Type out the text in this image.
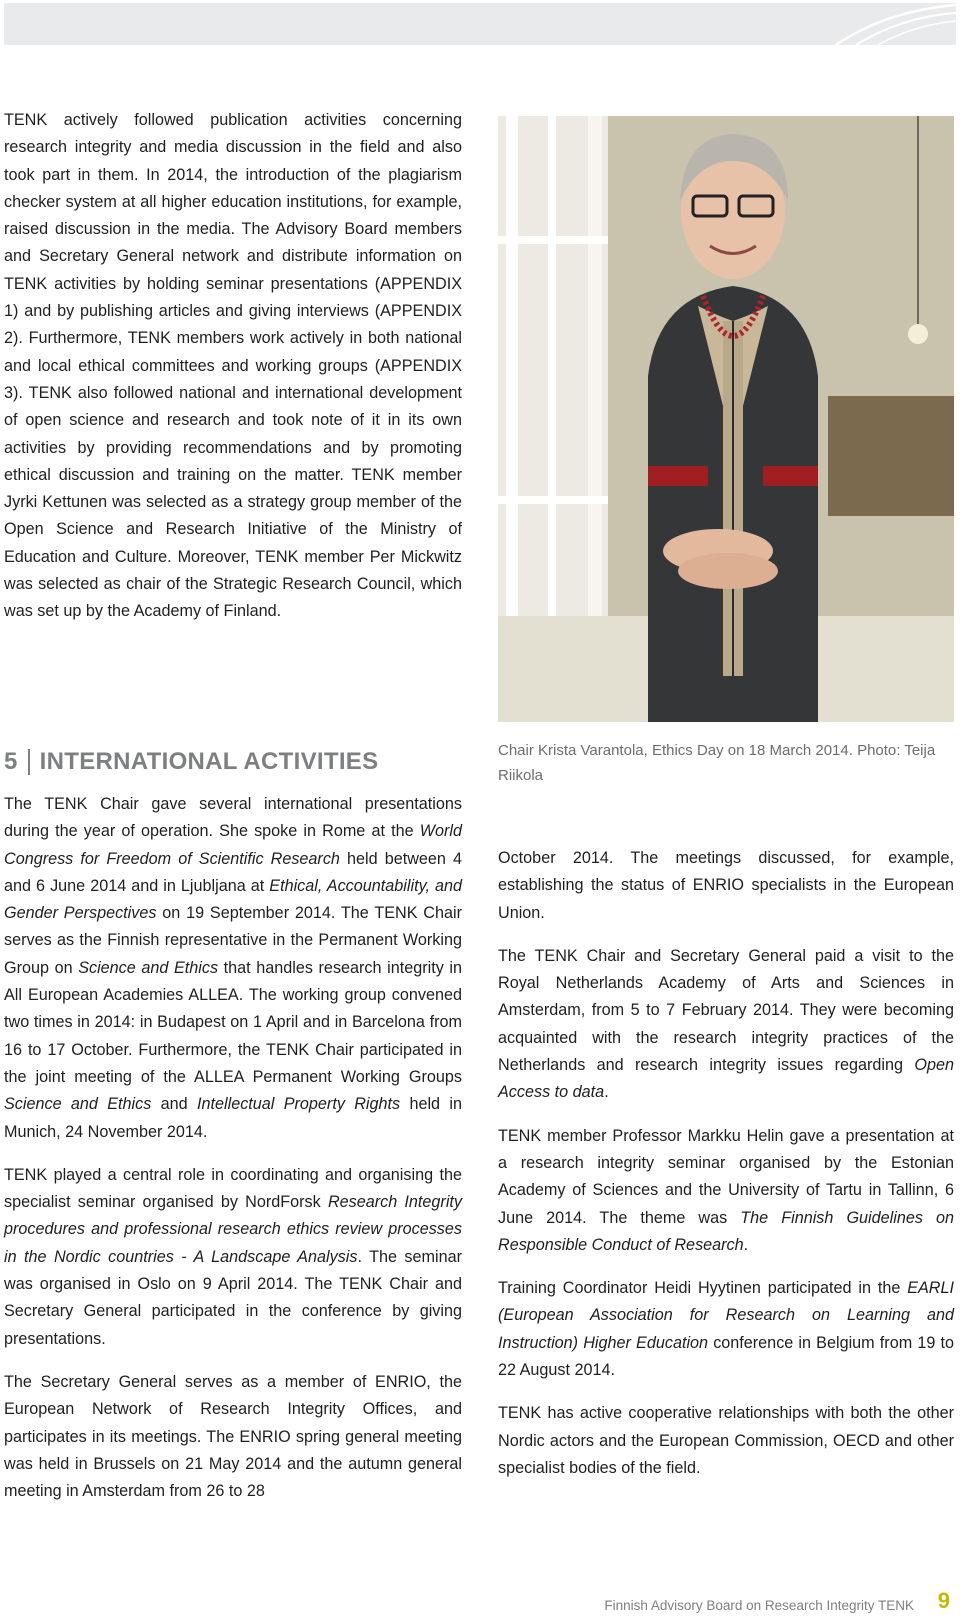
TENK actively followed publication activities concerning research integrity and media discussion in the field and also took part in them. In 2014, the introduction of the plagiarism checker system at all higher education institutions, for example, raised discussion in the media. The Advisory Board members and Secretary General network and distribute information on TENK activities by holding seminar presentations (APPENDIX 1) and by publishing articles and giving interviews (APPENDIX 2). Furthermore, TENK members work actively in both national and local ethical committees and working groups (APPENDIX 3). TENK also followed national and international development of open science and research and took note of it in its own activities by providing recommendations and by promoting ethical discussion and training on the matter. TENK member Jyrki Kettunen was selected as a strategy group member of the Open Science and Research Initiative of the Ministry of Education and Culture. Moreover, TENK member Per Mickwitz was selected as chair of the Strategic Research Council, which was set up by the Academy of Finland.

5 INTERNATIONAL ACTIVITIES

The TENK Chair gave several international presentations during the year of operation. She spoke in Rome at the World Congress for Freedom of Scientific Research held between 4 and 6 June 2014 and in Ljubljana at Ethical, Accountability, and Gender Perspectives on 19 September 2014. The TENK Chair serves as the Finnish representative in the Permanent Working Group on Science and Ethics that handles research integrity in All European Academies ALLEA. The working group convened two times in 2014: in Budapest on 1 April and in Barcelona from 16 to 17 October. Furthermore, the TENK Chair participated in the joint meeting of the ALLEA Permanent Working Groups Science and Ethics and Intellectual Property Rights held in Munich, 24 November 2014.

TENK played a central role in coordinating and organising the specialist seminar organised by NordForsk Research Integrity procedures and professional research ethics review processes in the Nordic countries - A Landscape Analysis. The seminar was organised in Oslo on 9 April 2014. The TENK Chair and Secretary General participated in the conference by giving presentations.

The Secretary General serves as a member of ENRIO, the European Network of Research Integrity Offices, and participates in its meetings. The ENRIO spring general meeting was held in Brussels on 21 May 2014 and the autumn general meeting in Amsterdam from 26 to 28

Chair Krista Varantola, Ethics Day on 18 March 2014. Photo: Teija Riikola

October 2014. The meetings discussed, for example, establishing the status of ENRIO specialists in the European Union.

The TENK Chair and Secretary General paid a visit to the Royal Netherlands Academy of Arts and Sciences in Amsterdam, from 5 to 7 February 2014. They were becoming acquainted with the research integrity practices of the Netherlands and research integrity issues regarding Open Access to data.

TENK member Professor Markku Helin gave a presentation at a research integrity seminar organised by the Estonian Academy of Sciences and the University of Tartu in Tallinn, 6 June 2014. The theme was The Finnish Guidelines on Responsible Conduct of Research.

Training Coordinator Heidi Hyytinen participated in the EARLI (European Association for Research on Learning and Instruction) Higher Education conference in Belgium from 19 to 22 August 2014.

TENK has active cooperative relationships with both the other Nordic actors and the European Commission, OECD and other specialist bodies of the field.

Finnish Advisory Board on Research Integrity TENK 9
